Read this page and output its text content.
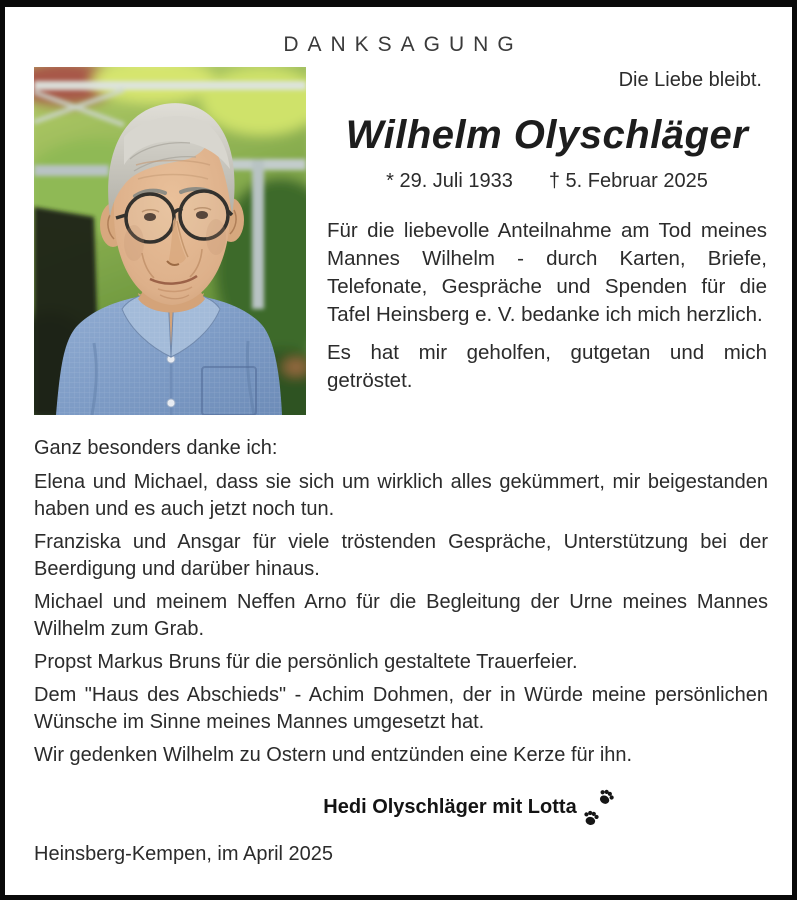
DANKSAGUNG
Die Liebe bleibt.
Wilhelm Olyschläger
* 29. Juli 1933 † 5. Februar 2025

Für die liebevolle Anteilnahme am Tod meines Mannes Wilhelm - durch Karten, Briefe, Telefonate, Gespräche und Spenden für die Tafel Heinsberg e. V. bedanke ich mich herzlich.

Es hat mir geholfen, gutgetan und mich getröstet.

Ganz besonders danke ich:

Elena und Michael, dass sie sich um wirklich alles gekümmert, mir beigestanden haben und es auch jetzt noch tun.

Franziska und Ansgar für viele tröstenden Gespräche, Unterstützung bei der Beerdigung und darüber hinaus.

Michael und meinem Neffen Arno für die Begleitung der Urne meines Mannes Wilhelm zum Grab.

Propst Markus Bruns für die persönlich gestaltete Trauerfeier.

Dem "Haus des Abschieds" - Achim Dohmen, der in Würde meine persönlichen Wünsche im Sinne meines Mannes umgesetzt hat.

Wir gedenken Wilhelm zu Ostern und entzünden eine Kerze für ihn.

Hedi Olyschläger mit Lotta
Heinsberg-Kempen, im April 2025
